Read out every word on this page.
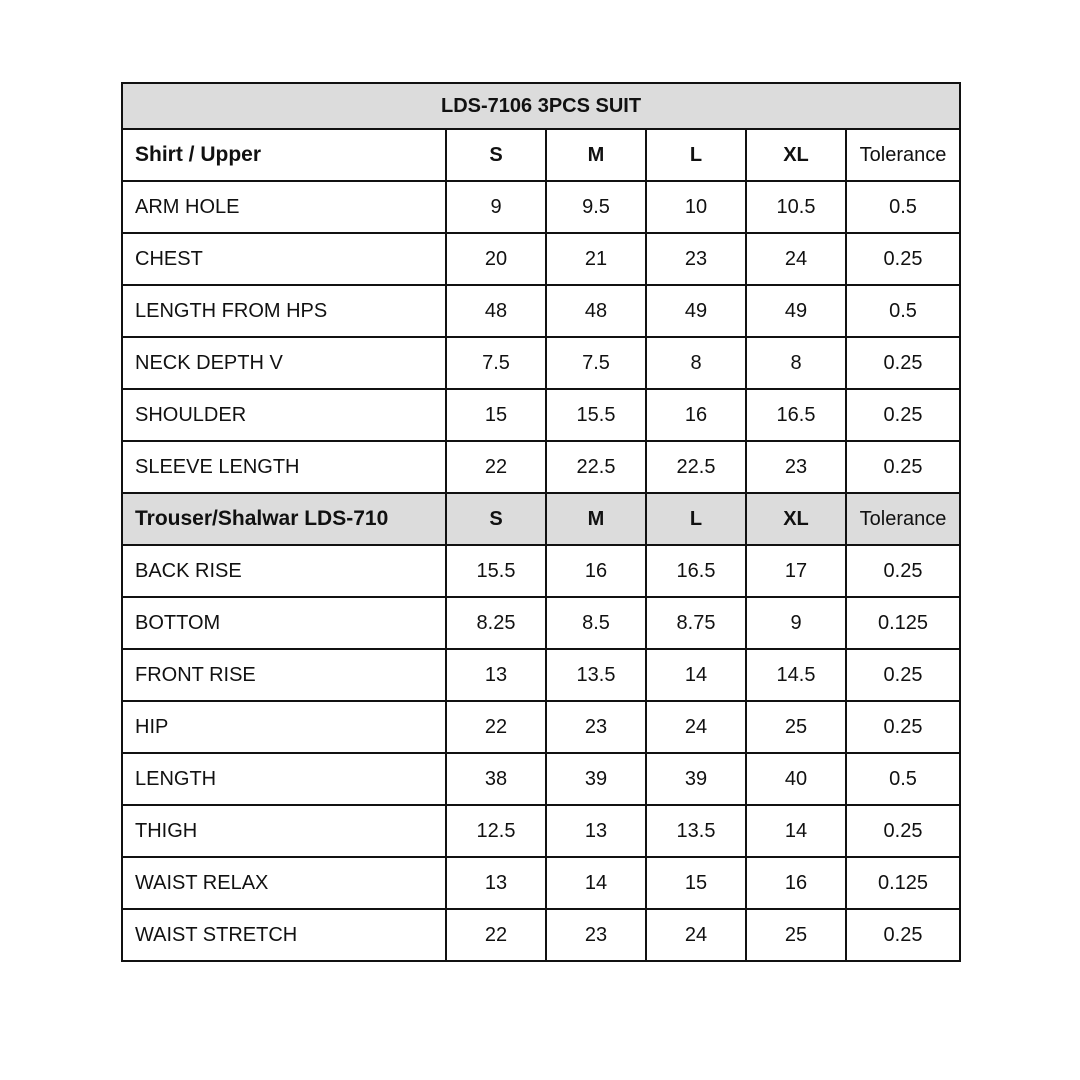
LDS-7106 3PCS SUIT					
Shirt / Upper	S	M	L	XL	Tolerance
ARM HOLE	9	9.5	10	10.5	0.5
CHEST	20	21	23	24	0.25
LENGTH FROM HPS	48	48	49	49	0.5
NECK DEPTH V	7.5	7.5	8	8	0.25
SHOULDER	15	15.5	16	16.5	0.25
SLEEVE LENGTH	22	22.5	22.5	23	0.25
Trouser/Shalwar LDS-710	S	M	L	XL	Tolerance
BACK RISE	15.5	16	16.5	17	0.25
BOTTOM	8.25	8.5	8.75	9	0.125
FRONT RISE	13	13.5	14	14.5	0.25
HIP	22	23	24	25	0.25
LENGTH	38	39	39	40	0.5
THIGH	12.5	13	13.5	14	0.25
WAIST RELAX	13	14	15	16	0.125
WAIST STRETCH	22	23	24	25	0.25
